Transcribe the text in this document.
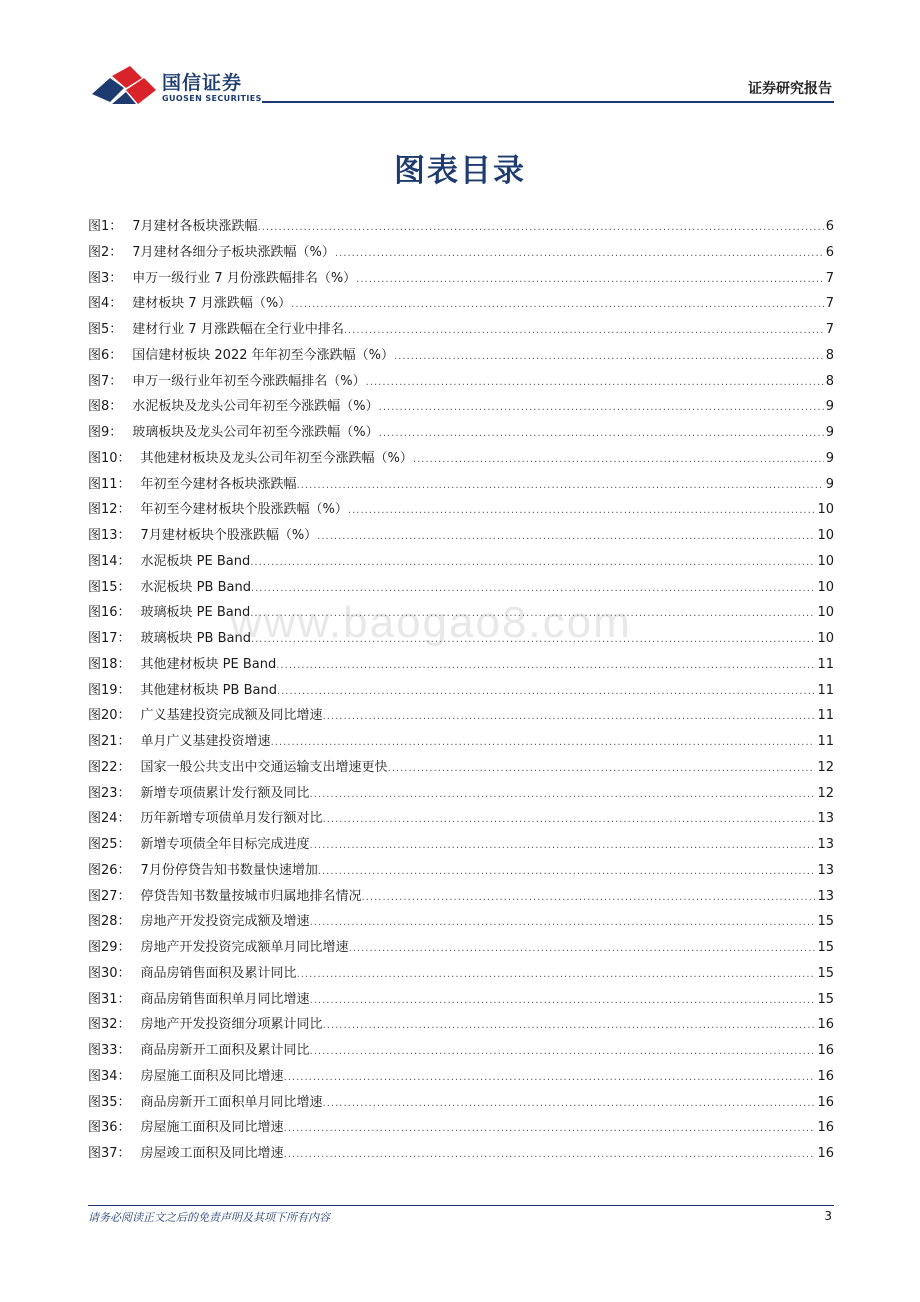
国信证券
GUOSEN SECURITIES
证券研究报告
图表目录
图1： 7月建材各板块涨跌幅 .....	6
图2： 7月建材各细分子板块涨跌幅（%） .....	6
图3： 申万一级行业 7 月份涨跌幅排名（%） .....	7
图4： 建材板块 7 月涨跌幅（%） .....	7
图5： 建材行业 7 月涨跌幅在全行业中排名 .....	7
图6： 国信建材板块 2022 年年初至今涨跌幅（%） .....	8
图7： 申万一级行业年初至今涨跌幅排名（%） .....	8
图8： 水泥板块及龙头公司年初至今涨跌幅（%） .....	9
图9： 玻璃板块及龙头公司年初至今涨跌幅（%） .....	9
图10： 其他建材板块及龙头公司年初至今涨跌幅（%） .....	9
图11： 年初至今建材各板块涨跌幅 .....	9
图12： 年初至今建材板块个股涨跌幅（%） .....	10
图13： 7月建材板块个股涨跌幅（%） .....	10
图14： 水泥板块 PE Band .....	10
图15： 水泥板块 PB Band .....	10
图16： 玻璃板块 PE Band .....	10
图17： 玻璃板块 PB Band .....	10
图18： 其他建材板块 PE Band .....	11
图19： 其他建材板块 PB Band .....	11
图20： 广义基建投资完成额及同比增速 .....	11
图21： 单月广义基建投资增速 .....	11
图22： 国家一般公共支出中交通运输支出增速更快 .....	12
图23： 新增专项债累计发行额及同比 .....	12
图24： 历年新增专项债单月发行额对比 .....	13
图25： 新增专项债全年目标完成进度 .....	13
图26： 7月份停贷告知书数量快速增加 .....	13
图27： 停贷告知书数量按城市归属地排名情况 .....	13
图28： 房地产开发投资完成额及增速 .....	15
图29： 房地产开发投资完成额单月同比增速 .....	15
图30： 商品房销售面积及累计同比 .....	15
图31： 商品房销售面积单月同比增速 .....	15
图32： 房地产开发投资细分项累计同比 .....	16
图33： 商品房新开工面积及累计同比 .....	16
图34： 房屋施工面积及同比增速 .....	16
图35： 商品房新开工面积单月同比增速 .....	16
图36： 房屋施工面积及同比增速 .....	16
图37： 房屋竣工面积及同比增速 .....	16
www.baogao8.com
请务必阅读正文之后的免责声明及其项下所有内容	3
